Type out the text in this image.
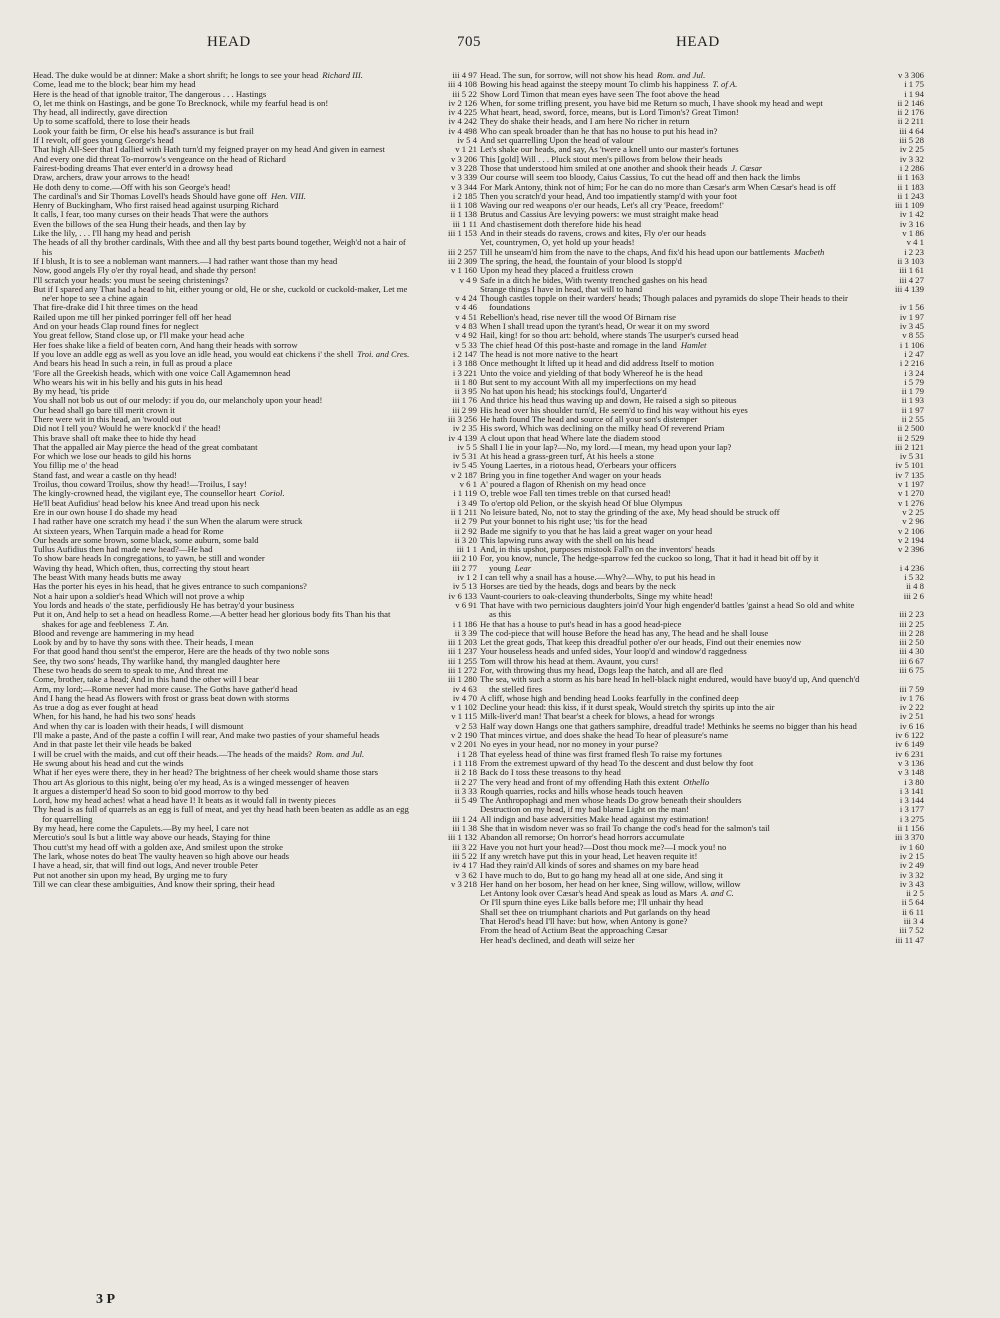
HEAD	705	HEAD
Head. The duke would be at dinner: Make a short shrift; he longs to see your head Richard III.	iii 4 97
Come, lead me to the block; bear him my head	iii 4 108
Here is the head of that ignoble traitor, The dangerous . . . Hastings	iii 5 22
O, let me think on Hastings, and be gone To Brecknock, while my fearful head is on!	iv 2 126
Thy head, all indirectly, gave direction	iv 4 225
Up to some scaffold, there to lose their heads	iv 4 242
Look your faith be firm, Or else his head's assurance is but frail	iv 4 498
If I revolt, off goes young George's head	iv 5 4
That high All-Seer that I dallied with Hath turn'd my feigned prayer on my head And given in earnest	v 1 21
And every one did threat To-morrow's vengeance on the head of Richard	v 3 206
Fairest-boding dreams That ever enter'd in a drowsy head	v 3 228
Draw, archers, draw your arrows to the head!	v 3 339
He doth deny to come.—Off with his son George's head!	v 3 344
The cardinal's and Sir Thomas Lovell's heads Should have gone off Hen. VIII.	i 2 185
Henry of Buckingham, Who first raised head against usurping Richard	ii 1 108
It calls, I fear, too many curses on their heads That were the authors	ii 1 138
Even the billows of the sea Hung their heads, and then lay by	iii 1 11
Like the lily, . . . I'll hang my head and perish	iii 1 153
The heads of all thy brother cardinals, With thee and all thy best parts bound together, Weigh'd not a hair of his	iii 2 257
If I blush, It is to see a nobleman want manners.—I had rather want those than my head	iii 2 309
Now, good angels Fly o'er thy royal head, and shade thy person!	v 1 160
I'll scratch your heads: you must be seeing christenings?	v 4 9
But if I spared any That had a head to hit, either young or old, He or she, cuckold or cuckold-maker, Let me ne'er hope to see a chine again	v 4 24
That fire-drake did I hit three times on the head	v 4 46
Railed upon me till her pinked porringer fell off her head	v 4 51
And on your heads Clap round fines for neglect	v 4 83
You great fellow, Stand close up, or I'll make your head ache	v 4 92
Her foes shake like a field of beaten corn, And hang their heads with sorrow	v 5 33
If you love an addle egg as well as you love an idle head, you would eat chickens i' the shell Troi. and Cres.	i 2 147
And bears his head In such a rein, in full as proud a place	i 3 188
'Fore all the Greekish heads, which with one voice Call Agamemnon head	i 3 221
Who wears his wit in his belly and his guts in his head	ii 1 80
By my head, 'tis pride	ii 3 95
You shall not bob us out of our melody: if you do, our melancholy upon your head!	iii 1 76
Our head shall go bare till merit crown it	iii 2 99
There were wit in this head, an 'twould out	iii 3 256
Did not I tell you? Would he were knock'd i' the head!	iv 2 35
This brave shall oft make thee to hide thy head	iv 4 139
That the appalled air May pierce the head of the great combatant	iv 5 5
For which we lose our heads to gild his horns	iv 5 31
You fillip me o' the head	iv 5 45
Stand fast, and wear a castle on thy head!	v 2 187
Troilus, thou coward Troilus, show thy head!—Troilus, I say!	v 6 1
The kingly-crowned head, the vigilant eye, The counsellor heart Coriol.	i 1 119
He'll beat Aufidius' head below his knee And tread upon his neck	i 3 49
Ere in our own house I do shade my head	ii 1 211
I had rather have one scratch my head i' the sun When the alarum were struck	ii 2 79
At sixteen years, When Tarquin made a head for Rome	ii 2 92
Our heads are some brown, some black, some auburn, some bald	ii 3 20
Tullus Aufidius then had made new head?—He had	iii 1 1
To show bare heads In congregations, to yawn, be still and wonder	iii 2 10
Waving thy head, Which often, thus, correcting thy stout heart	iii 2 77
The beast With many heads butts me away	iv 1 2
Has the porter his eyes in his head, that he gives entrance to such companions?	iv 5 13
Not a hair upon a soldier's head Which will not prove a whip	iv 6 133
You lords and heads o' the state, perfidiously He has betray'd your business	v 6 91
Put it on, And help to set a head on headless Rome.—A better head her glorious body fits Than his that shakes for age and feebleness T. An.	i 1 186
Blood and revenge are hammering in my head	ii 3 39
Look by and by to have thy sons with thee. Their heads, I mean	iii 1 203
For that good hand thou sent'st the emperor, Here are the heads of thy two noble sons	iii 1 237
See, thy two sons' heads, Thy warlike hand, thy mangled daughter here	iii 1 255
These two heads do seem to speak to me, And threat me	iii 1 272
Come, brother, take a head; And in this hand the other will I bear	iii 1 280
Arm, my lord;—Rome never had more cause. The Goths have gather'd head	iv 4 63
And I hang the head As flowers with frost or grass beat down with storms	iv 4 70
As true a dog as ever fought at head	v 1 102
When, for his hand, he had his two sons' heads	v 1 115
And when thy car is loaden with their heads, I will dismount	v 2 53
I'll make a paste, And of the paste a coffin I will rear, And make two pasties of your shameful heads	v 2 190
And in that paste let their vile heads be baked	v 2 201
I will be cruel with the maids, and cut off their heads.—The heads of the maids? Rom. and Jul.	i 1 28
He swung about his head and cut the winds	i 1 118
What if her eyes were there, they in her head? The brightness of her cheek would shame those stars	ii 2 18
Thou art As glorious to this night, being o'er my head, As is a winged messenger of heaven	ii 2 27
It argues a distemper'd head So soon to bid good morrow to thy bed	ii 3 33
Lord, how my head aches! what a head have I! It beats as it would fall in twenty pieces	ii 5 49
Thy head is as full of quarrels as an egg is full of meat, and yet thy head hath been beaten as addle as an egg for quarrelling	iii 1 24
By my head, here come the Capulets.—By my heel, I care not	iii 1 38
Mercutio's soul Is but a little way above our heads, Staying for thine	iii 1 132
Thou cutt'st my head off with a golden axe, And smilest upon the stroke	iii 3 22
The lark, whose notes do beat The vaulty heaven so high above our heads	iii 5 22
I have a head, sir, that will find out logs, And never trouble Peter	iv 4 17
Put not another sin upon my head, By urging me to fury	v 3 62
Till we can clear these ambiguities, And know their spring, their head	v 3 218
Head. The sun, for sorrow, will not show his head Rom. and Jul.	v 3 306
Bowing his head against the steepy mount To climb his happiness T. of A.	i 1 75
Show Lord Timon that mean eyes have seen The foot above the head	i 1 94
When, for some trifling present, you have bid me Return so much, I have shook my head and wept	ii 2 146
What heart, head, sword, force, means, but is Lord Timon's? Great Timon!	ii 2 176
They do shake their heads, and I am here No richer in return	ii 2 211
Who can speak broader than he that has no house to put his head in?	iii 4 64
And set quarrelling Upon the head of valour	iii 5 28
Let's shake our heads, and say, As 'twere a knell unto our master's fortunes	iv 2 25
This [gold] Will . . . Pluck stout men's pillows from below their heads	iv 3 32
Those that understood him smiled at one another and shook their heads J. Cæsar	i 2 286
Our course will seem too bloody, Caius Cassius, To cut the head off and then hack the limbs	ii 1 163
For Mark Antony, think not of him; For he can do no more than Cæsar's arm When Cæsar's head is off	ii 1 183
Then you scratch'd your head, And too impatiently stamp'd with your foot	ii 1 243
Waving our red weapons o'er our heads, Let's all cry 'Peace, freedom!'	iii 1 109
Brutus and Cassius Are levying powers: we must straight make head	iv 1 42
And chastisement doth therefore hide his head	iv 3 16
And in their steads do ravens, crows and kites, Fly o'er our heads	v 1 86
Yet, countrymen, O, yet hold up your heads!	v 4 1
Till he unseam'd him from the nave to the chaps, And fix'd his head upon our battlements Macbeth	i 2 23
The spring, the head, the fountain of your blood Is stopp'd	ii 3 103
Upon my head they placed a fruitless crown	iii 1 61
Safe in a ditch he bides, With twenty trenched gashes on his head	iii 4 27
Strange things I have in head, that will to hand	iii 4 139
Though castles topple on their warders' heads; Though palaces and pyramids do slope Their heads to their foundations	iv 1 56
Rebellion's head, rise never till the wood Of Birnam rise	iv 1 97
When I shall tread upon the tyrant's head, Or wear it on my sword	iv 3 45
Hail, king! for so thou art: behold, where stands The usurper's cursed head	v 8 55
The chief head Of this post-haste and romage in the land Hamlet	i 1 106
The head is not more native to the heart	i 2 47
Once methought It lifted up it head and did address Itself to motion	i 2 216
Unto the voice and yielding of that body Whereof he is the head	i 3 24
But sent to my account With all my imperfections on my head	i 5 79
No hat upon his head; his stockings foul'd, Ungarter'd	ii 1 79
And thrice his head thus waving up and down, He raised a sigh so piteous	ii 1 93
His head over his shoulder turn'd, He seem'd to find his way without his eyes	ii 1 97
He hath found The head and source of all your son's distemper	ii 2 55
His sword, Which was declining on the milky head Of reverend Priam	ii 2 500
A clout upon that head Where late the diadem stood	ii 2 529
Shall I lie in your lap?—No, my lord.—I mean, my head upon your lap?	iii 2 121
At his head a grass-green turf, At his heels a stone	iv 5 31
Young Laertes, in a riotous head, O'erbears your officers	iv 5 101
Bring you in fine together And wager on your heads	iv 7 135
A' poured a flagon of Rhenish on my head once	v 1 197
O, treble woe Fall ten times treble on that cursed head!	v 1 270
To o'ertop old Pelion, or the skyish head Of blue Olympus	v 1 276
No leisure bated, No, not to stay the grinding of the axe, My head should be struck off	v 2 25
Put your bonnet to his right use; 'tis for the head	v 2 96
Bade me signify to you that he has laid a great wager on your head	v 2 106
This lapwing runs away with the shell on his head	v 2 194
And, in this upshot, purposes mistook Fall'n on the inventors' heads	v 2 396
For, you know, nuncle, The hedge-sparrow fed the cuckoo so long, That it had it head bit off by it young Lear	i 4 236
I can tell why a snail has a house.—Why?—Why, to put his head in	i 5 32
Horses are tied by the heads, dogs and bears by the neck	ii 4 8
Vaunt-couriers to oak-cleaving thunderbolts, Singe my white head!	iii 2 6
That have with two pernicious daughters join'd Your high engender'd battles 'gainst a head So old and white as this	iii 2 23
He that has a house to put's head in has a good head-piece	iii 2 25
The cod-piece that will house Before the head has any, The head and he shall louse	iii 2 28
Let the great gods, That keep this dreadful pother o'er our heads, Find out their enemies now	iii 2 50
Your houseless heads and unfed sides, Your loop'd and window'd raggedness	iii 4 30
Tom will throw his head at them. Avaunt, you curs!	iii 6 67
For, with throwing thus my head, Dogs leap the hatch, and all are fled	iii 6 75
The sea, with such a storm as his bare head In hell-black night endured, would have buoy'd up, And quench'd the stelled fires	iii 7 59
A cliff, whose high and bending head Looks fearfully in the confined deep	iv 1 76
Decline your head: this kiss, if it durst speak, Would stretch thy spirits up into the air	iv 2 22
Milk-liver'd man! That bear'st a cheek for blows, a head for wrongs	iv 2 51
Half way down Hangs one that gathers samphire, dreadful trade! Methinks he seems no bigger than his head	iv 6 16
That minces virtue, and does shake the head To hear of pleasure's name	iv 6 122
No eyes in your head, nor no money in your purse?	iv 6 149
That eyeless head of thine was first framed flesh To raise my fortunes	iv 6 231
From the extremest upward of thy head To the descent and dust below thy foot	v 3 136
Back do I toss these treasons to thy head	v 3 148
The very head and front of my offending Hath this extent Othello	i 3 80
Rough quarries, rocks and hills whose heads touch heaven	i 3 141
The Anthropophagi and men whose heads Do grow beneath their shoulders	i 3 144
Destruction on my head, if my bad blame Light on the man!	i 3 177
All indign and base adversities Make head against my estimation!	i 3 275
She that in wisdom never was so frail To change the cod's head for the salmon's tail	ii 1 156
Abandon all remorse; On horror's head horrors accumulate	iii 3 370
Have you not hurt your head?—Dost thou mock me?—I mock you! no	iv 1 60
If any wretch have put this in your head, Let heaven requite it!	iv 2 15
Had they rain'd All kinds of sores and shames on my bare head	iv 2 49
I have much to do, But to go hang my head all at one side, And sing it	iv 3 32
Her hand on her bosom, her head on her knee, Sing willow, willow, willow	iv 3 43
Let Antony look over Cæsar's head And speak as loud as Mars A. and C.	ii 2 5
Or I'll spurn thine eyes Like balls before me; I'll unhair thy head	ii 5 64
Shall set thee on triumphant chariots and Put garlands on thy head	ii 6 11
That Herod's head I'll have: but how, when Antony is gone?	iii 3 4
From the head of Actium Beat the approaching Cæsar	iii 7 52
Her head's declined, and death will seize her	iii 11 47
3 P
